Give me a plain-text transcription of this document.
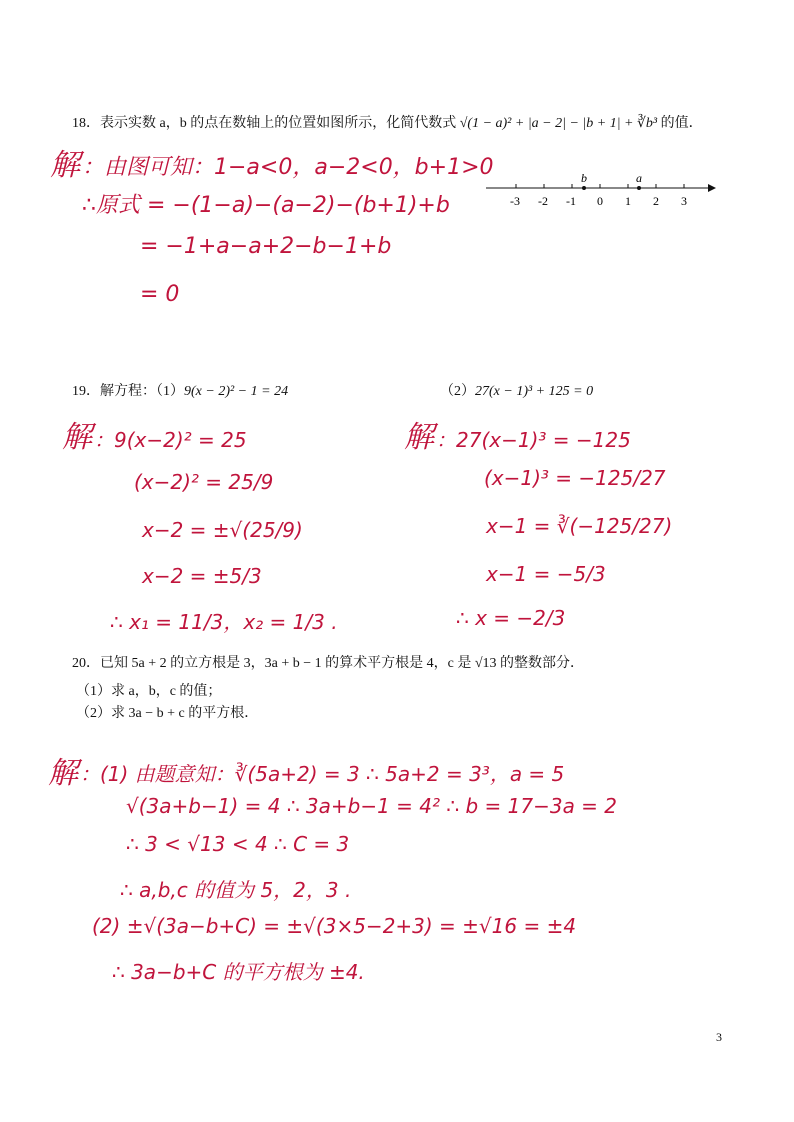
18．表示实数 a，b 的点在数轴上的位置如图所示，化简代数式 √(1 − a)² + |a − 2| − |b + 1| + ∛b³ 的值．
解 ：由图可知：1−a<0，a−2<0，b+1>0
∴原式 = −(1−a)−(a−2)−(b+1)+b
= −1+a−a+2−b−1+b
= 0
b	a
-3 -2 -1 0 1 2 3
19．解方程：（1）9(x − 2)² − 1 = 24	（2）27(x − 1)³ + 125 = 0
解 ：9(x−2)² = 25
(x−2)² = 25/9
x−2 = ±√(25/9)
x−2 = ±5/3
∴ x₁ = 11/3，x₂ = 1/3 .
解 ：27(x−1)³ = −125
(x−1)³ = −125/27
x−1 = ∛(−125/27)
x−1 = −5/3
∴ x = −2/3
20．已知 5a + 2 的立方根是 3，3a + b − 1 的算术平方根是 4，c 是 √13 的整数部分．
（1）求 a，b，c 的值；
（2）求 3a − b + c 的平方根．
解 ：(1) 由题意知：∛(5a+2) = 3 ∴ 5a+2 = 3³，a = 5
√(3a+b−1) = 4 ∴ 3a+b−1 = 4² ∴ b = 17−3a = 2
∴ 3 < √13 < 4 ∴ C = 3
∴ a,b,c 的值为 5，2，3 .
(2) ±√(3a−b+C) = ±√(3×5−2+3) = ±√16 = ±4
∴ 3a−b+C 的平方根为 ±4.
3
